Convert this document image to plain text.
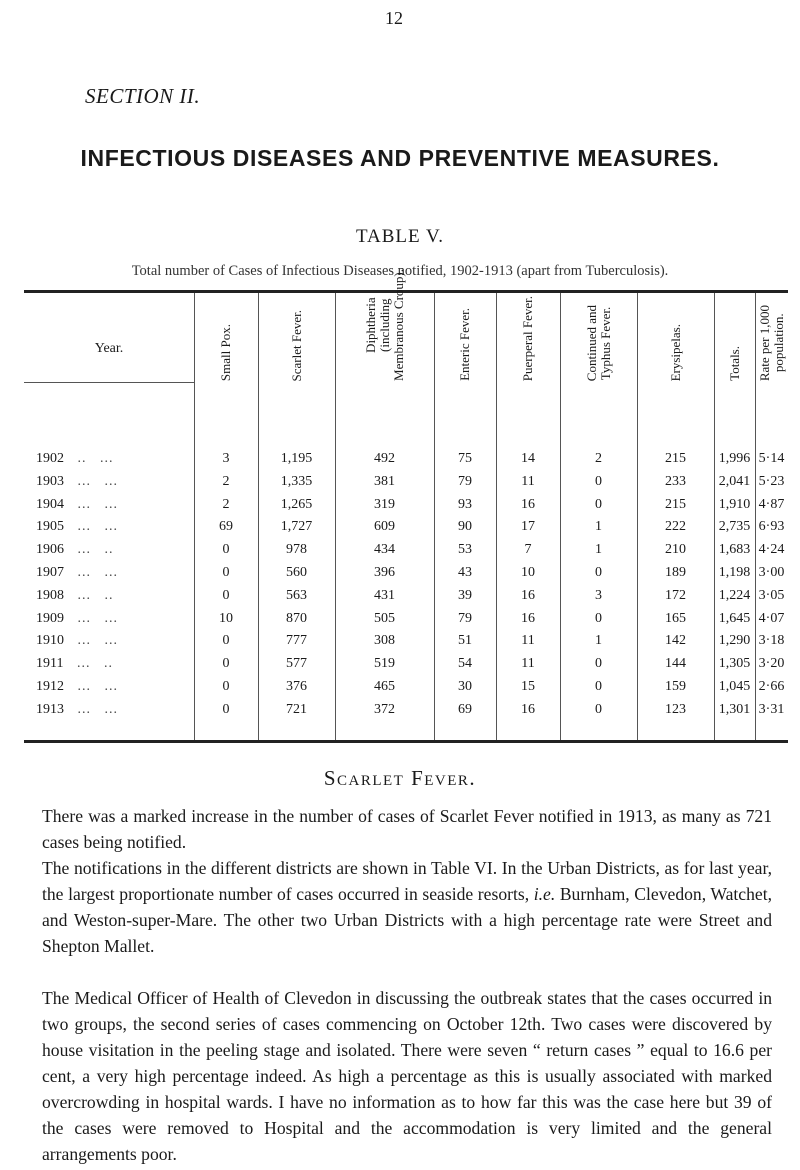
12
SECTION II.
INFECTIOUS DISEASES AND PREVENTIVE MEASURES.
TABLE V.
Total number of Cases of Infectious Diseases notified, 1902-1913 (apart from Tuberculosis).
Year.	Small Pox.	Scarlet Fever.	Diphtheria
(including
Membranous Croup).
Enteric Fever.	Puerperal Fever.	Continued and
Typhus Fever.
Erysipelas.	Totals. Rate per 1,000
population.
1902   ..   ...	3	1,195	492	75	14	2	215	1,996 5·14
1903   ...   ...	2	1,335	381	79	11	0	233	2,041 5·23
1904   ...   ...	2	1,265	319	93	16	0	215	1,910 4·87
1905   ...   ...	69	1,727	609	90	17	1	222	2,735 6·93
1906   ...   ..	0	978	434	53	7	1	210	1,683 4·24
1907   ...   ...	0	560	396	43	10	0	189	1,198 3·00
1908   ...   ..	0	563	431	39	16	3	172	1,224 3·05
1909   ...   ...	10	870	505	79	16	0	165	1,645 4·07
1910   ...   ...	0	777	308	51	11	1	142	1,290 3·18
1911   ...   ..	0	577	519	54	11	0	144	1,305 3·20
1912   ...   ...	0	376	465	30	15	0	159	1,045 2·66
1913   ...   ...	0	721	372	69	16	0	123	1,301 3·31
Scarlet Fever.

There was a marked increase in the number of cases of Scarlet Fever notified in 1913, as many as 721 cases being notified.

The notifications in the different districts are shown in Table VI. In the Urban Districts, as for last year, the largest proportionate number of cases occurred in seaside resorts, i.e. Burnham, Clevedon, Watchet, and Weston-super-Mare. The other two Urban Districts with a high percentage rate were Street and Shepton Mallet.

The Medical Officer of Health of Clevedon in discussing the outbreak states that the cases occurred in two groups, the second series of cases commencing on October 12th. Two cases were discovered by house visitation in the peeling stage and isolated. There were seven “ return cases ” equal to 16.6 per cent, a very high percentage indeed. As high a percentage as this is usually associated with marked overcrowding in hospital wards. I have no information as to how far this was the case here but 39 of the cases were removed to Hospital and the accommodation is very limited and the general arrangements poor.
